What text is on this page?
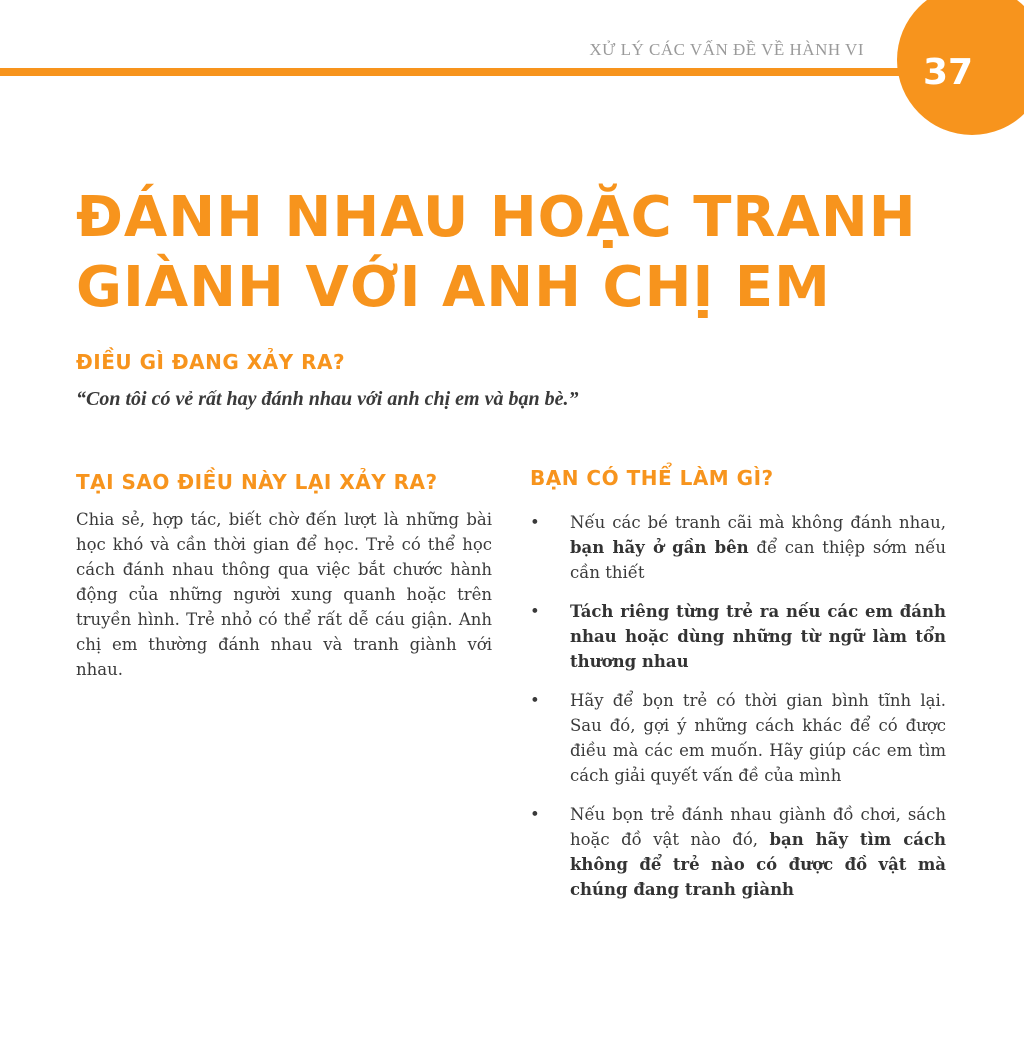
XỬ LÝ CÁC VẤN ĐỀ VỀ HÀNH VI
37
ĐÁNH NHAU HOẶC TRANH
GIÀNH VỚI ANH CHỊ EM
ĐIỀU GÌ ĐANG XẢY RA?

“Con tôi có vẻ rất hay đánh nhau với anh chị em và bạn bè.”

TẠI SAO ĐIỀU NÀY LẠI XẢY RA?

Chia sẻ, hợp tác, biết chờ đến lượt là những bài học khó và cần thời gian để học. Trẻ có thể học cách đánh nhau thông qua việc bắt chước hành động của những người xung quanh hoặc trên truyền hình. Trẻ nhỏ có thể rất dễ cáu giận. Anh chị em thường đánh nhau và tranh giành với nhau.

BẠN CÓ THỂ LÀM GÌ?
• Nếu các bé tranh cãi mà không đánh nhau, bạn hãy ở gần bên để can thiệp sớm nếu cần thiết
• Tách riêng từng trẻ ra nếu các em đánh nhau hoặc dùng những từ ngữ làm tổn thương nhau
• Hãy để bọn trẻ có thời gian bình tĩnh lại. Sau đó, gợi ý những cách khác để có được điều mà các em muốn. Hãy giúp các em tìm cách giải quyết vấn đề của mình
• Nếu bọn trẻ đánh nhau giành đồ chơi, sách hoặc đồ vật nào đó, bạn hãy tìm cách không để trẻ nào có được đồ vật mà chúng đang tranh giành
